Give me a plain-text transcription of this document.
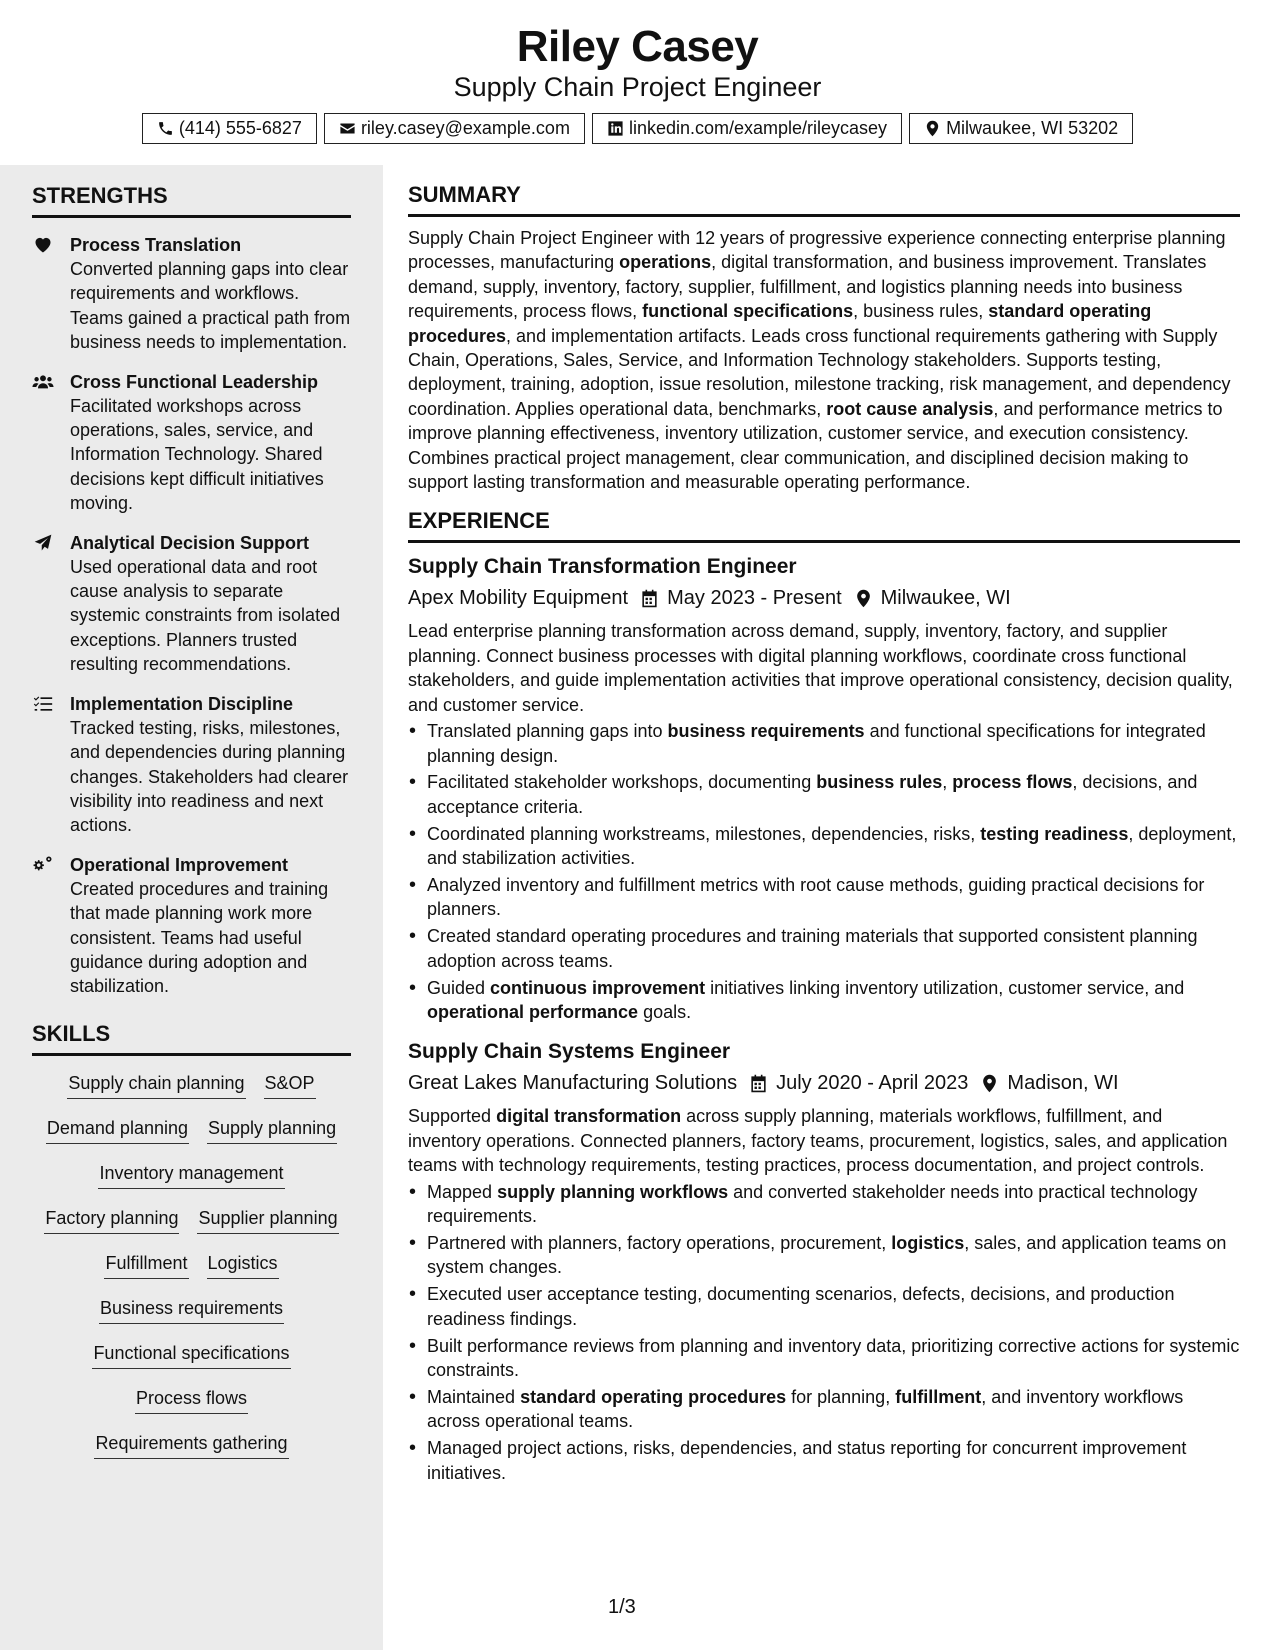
Riley Casey
Supply Chain Project Engineer
(414) 555-6827	riley.casey@example.com	linkedin.com/example/rileycasey	Milwaukee, WI 53202
STRENGTHS
Process Translation
Converted planning gaps into clear requirements and workflows. Teams gained a practical path from business needs to implementation.
Cross Functional Leadership
Facilitated workshops across operations, sales, service, and Information Technology. Shared decisions kept difficult initiatives moving.
Analytical Decision Support
Used operational data and root cause analysis to separate systemic constraints from isolated exceptions. Planners trusted resulting recommendations.
Implementation Discipline
Tracked testing, risks, milestones, and dependencies during planning changes. Stakeholders had clearer visibility into readiness and next actions.
Operational Improvement
Created procedures and training that made planning work more consistent. Teams had useful guidance during adoption and stabilization.
SKILLS
Supply chain planning S&OP
Demand planning Supply planning
Inventory management
Factory planning Supplier planning
Fulfillment Logistics
Business requirements
Functional specifications
Process flows
Requirements gathering
SUMMARY
Supply Chain Project Engineer with 12 years of progressive experience connecting enterprise planning processes, manufacturing operations, digital transformation, and business improvement. Translates demand, supply, inventory, factory, supplier, fulfillment, and logistics planning needs into business requirements, process flows, functional specifications, business rules, standard operating procedures, and implementation artifacts. Leads cross functional requirements gathering with Supply Chain, Operations, Sales, Service, and Information Technology stakeholders. Supports testing, deployment, training, adoption, issue resolution, milestone tracking, risk management, and dependency coordination. Applies operational data, benchmarks, root cause analysis, and performance metrics to improve planning effectiveness, inventory utilization, customer service, and execution consistency. Combines practical project management, clear communication, and disciplined decision making to support lasting transformation and measurable operating performance.
EXPERIENCE
Supply Chain Transformation Engineer
Apex Mobility Equipment May 2023 - Present Milwaukee, WI
Lead enterprise planning transformation across demand, supply, inventory, factory, and supplier planning. Connect business processes with digital planning workflows, coordinate cross functional stakeholders, and guide implementation activities that improve operational consistency, decision quality, and customer service.
• Translated planning gaps into business requirements and functional specifications for integrated planning design.
• Facilitated stakeholder workshops, documenting business rules, process flows, decisions, and acceptance criteria.
• Coordinated planning workstreams, milestones, dependencies, risks, testing readiness, deployment, and stabilization activities.
• Analyzed inventory and fulfillment metrics with root cause methods, guiding practical decisions for planners.
• Created standard operating procedures and training materials that supported consistent planning adoption across teams.
• Guided continuous improvement initiatives linking inventory utilization, customer service, and operational performance goals.
Supply Chain Systems Engineer
Great Lakes Manufacturing Solutions July 2020 - April 2023 Madison, WI
Supported digital transformation across supply planning, materials workflows, fulfillment, and inventory operations. Connected planners, factory teams, procurement, logistics, sales, and application teams with technology requirements, testing practices, process documentation, and project controls.
• Mapped supply planning workflows and converted stakeholder needs into practical technology requirements.
• Partnered with planners, factory operations, procurement, logistics, sales, and application teams on system changes.
• Executed user acceptance testing, documenting scenarios, defects, decisions, and production readiness findings.
• Built performance reviews from planning and inventory data, prioritizing corrective actions for systemic constraints.
• Maintained standard operating procedures for planning, fulfillment, and inventory workflows across operational teams.
• Managed project actions, risks, dependencies, and status reporting for concurrent improvement initiatives.
1/3
